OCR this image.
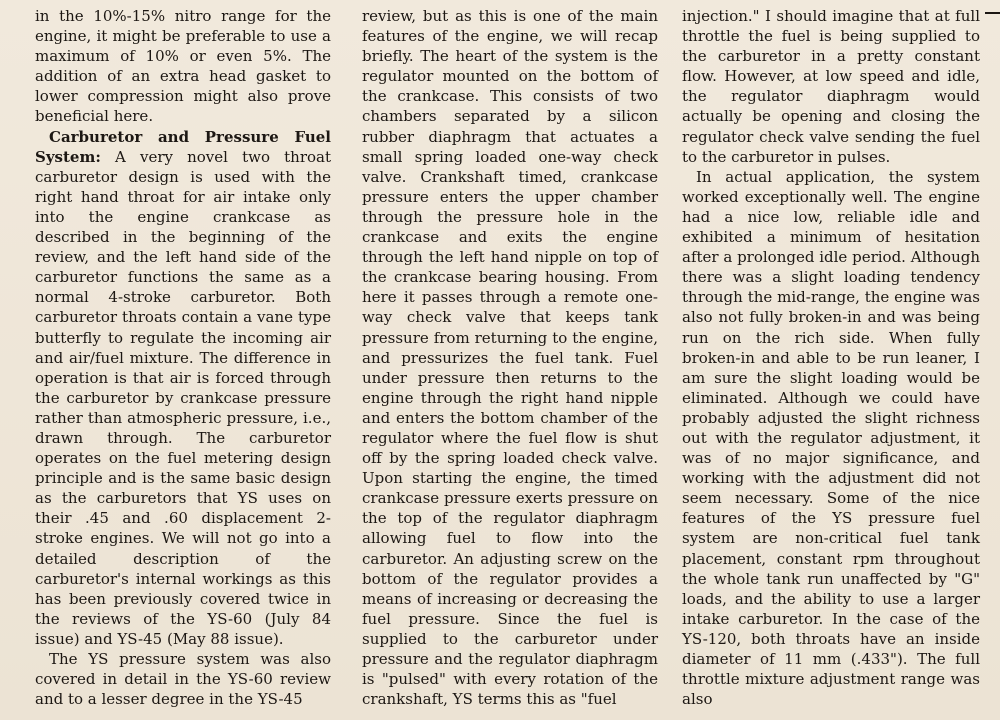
in the 10%-15% nitro range for the engine, it might be preferable to use a maximum of 10% or even 5%. The addition of an extra head gasket to lower compression might also prove beneficial here.

Carburetor and Pressure Fuel System: A very novel two throat carburetor design is used with the right hand throat for air intake only into the engine crankcase as described in the beginning of the review, and the left hand side of the carburetor functions the same as a normal 4-stroke carburetor. Both carburetor throats contain a vane type butterfly to regulate the incoming air and air/fuel mixture. The difference in operation is that air is forced through the carburetor by crankcase pressure rather than atmospheric pressure, i.e., drawn through. The carburetor operates on the fuel metering design principle and is the same basic design as the carburetors that YS uses on their .45 and .60 displacement 2-stroke engines. We will not go into a detailed description of the carburetor's internal workings as this has been previously covered twice in the reviews of the YS-60 (July 84 issue) and YS-45 (May 88 issue).

The YS pressure system was also covered in detail in the YS-60 review and to a lesser degree in the YS-45

review, but as this is one of the main features of the engine, we will recap briefly. The heart of the system is the regulator mounted on the bottom of the crankcase. This consists of two chambers separated by a silicon rubber diaphragm that actuates a small spring loaded one-way check valve. Crankshaft timed, crankcase pressure enters the upper chamber through the pressure hole in the crankcase and exits the engine through the left hand nipple on top of the crankcase bearing housing. From here it passes through a remote one-way check valve that keeps tank pressure from returning to the engine, and pressurizes the fuel tank. Fuel under pressure then returns to the engine through the right hand nipple and enters the bottom chamber of the regulator where the fuel flow is shut off by the spring loaded check valve. Upon starting the engine, the timed crankcase pressure exerts pressure on the top of the regulator diaphragm allowing fuel to flow into the carburetor. An adjusting screw on the bottom of the regulator provides a means of increasing or decreasing the fuel pressure. Since the fuel is supplied to the carburetor under pressure and the regulator diaphragm is "pulsed" with every rotation of the crankshaft, YS terms this as "fuel

injection." I should imagine that at full throttle the fuel is being supplied to the carburetor in a pretty constant flow. However, at low speed and idle, the regulator diaphragm would actually be opening and closing the regulator check valve sending the fuel to the carburetor in pulses.

In actual application, the system worked exceptionally well. The engine had a nice low, reliable idle and exhibited a minimum of hesitation after a prolonged idle period. Although there was a slight loading tendency through the mid-range, the engine was also not fully broken-in and was being run on the rich side. When fully broken-in and able to be run leaner, I am sure the slight loading would be eliminated. Although we could have probably adjusted the slight richness out with the regulator adjustment, it was of no major significance, and working with the adjustment did not seem necessary. Some of the nice features of the YS pressure fuel system are non-critical fuel tank placement, constant rpm throughout the whole tank run unaffected by "G" loads, and the ability to use a larger intake carburetor. In the case of the YS-120, both throats have an inside diameter of 11 mm (.433"). The full throttle mixture adjustment range was also
